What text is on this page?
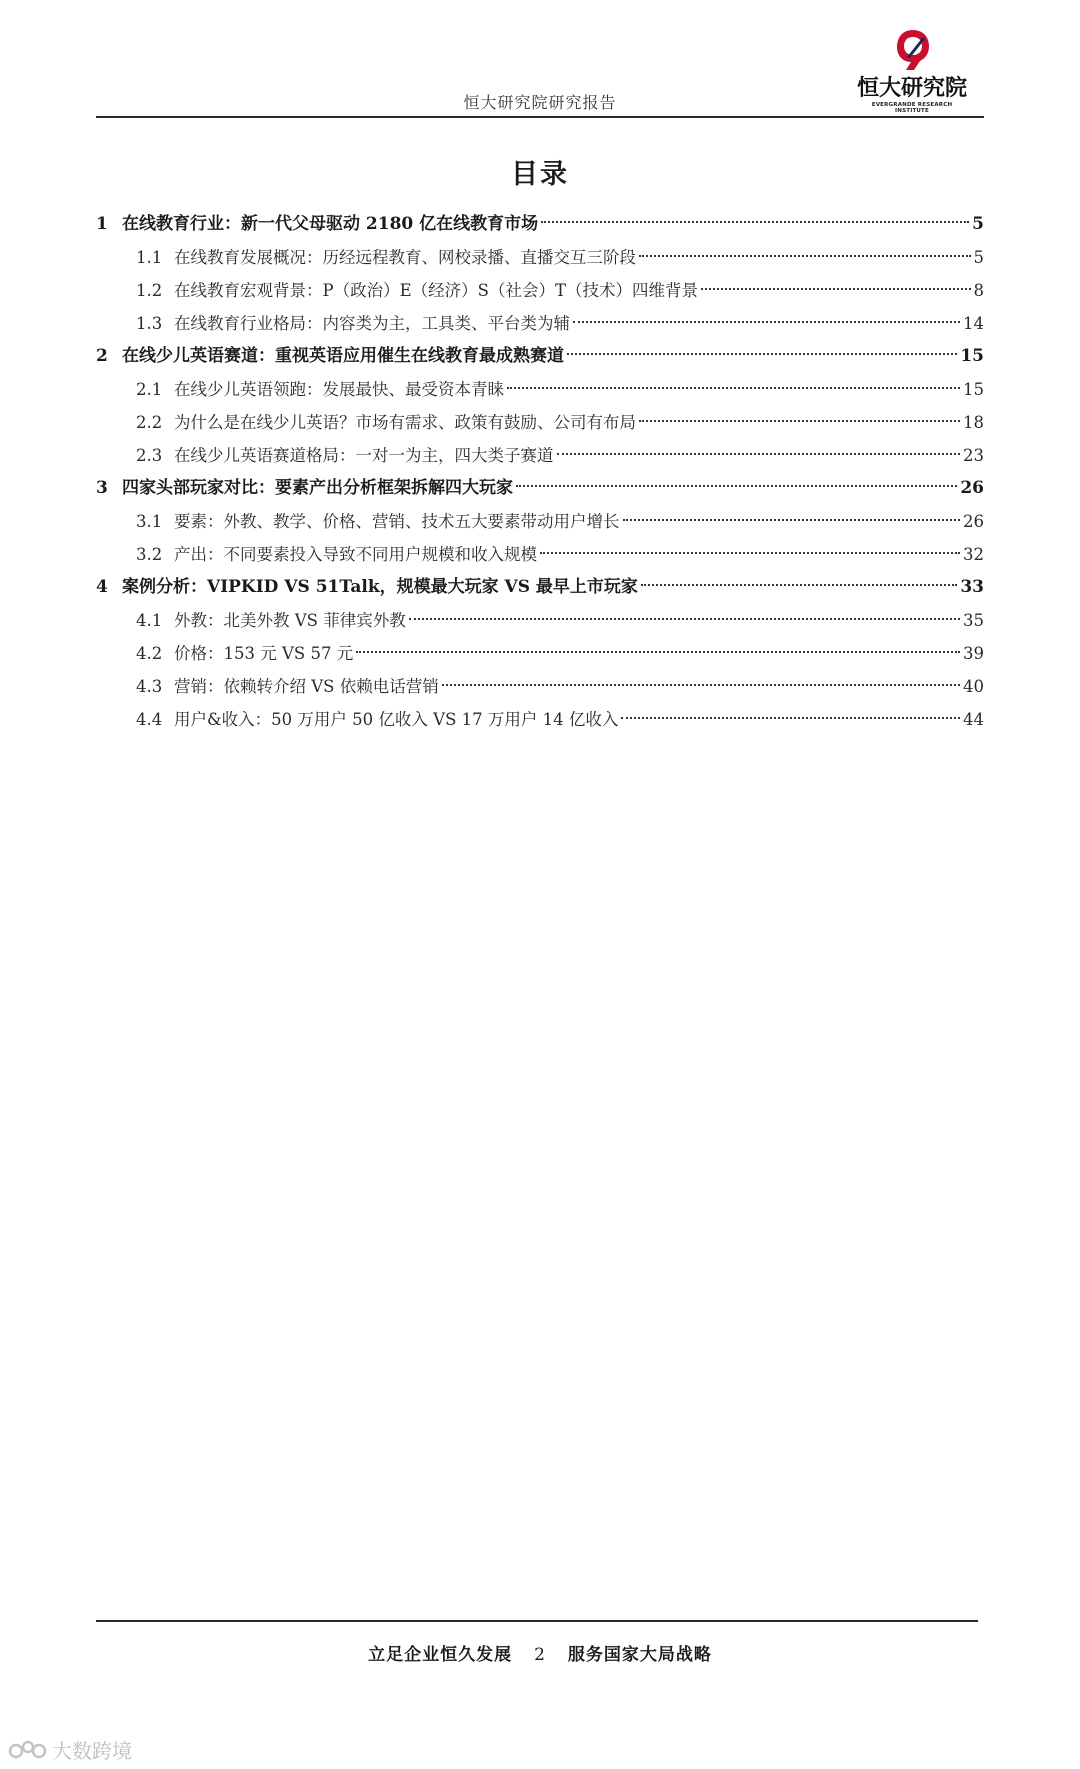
恒大研究院研究报告
恒大研究院
EVERGRANDE RESEARCH INSTITUTE
目录
1 在线教育行业：新一代父母驱动 2180 亿在线教育市场	5
1.1 在线教育发展概况：历经远程教育、网校录播、直播交互三阶段	5
1.2 在线教育宏观背景：P（政治）E（经济）S（社会）T（技术）四维背景	8
1.3 在线教育行业格局：内容类为主，工具类、平台类为辅	14
2 在线少儿英语赛道：重视英语应用催生在线教育最成熟赛道	15
2.1 在线少儿英语领跑：发展最快、最受资本青睐	15
2.2 为什么是在线少儿英语？市场有需求、政策有鼓励、公司有布局	18
2.3 在线少儿英语赛道格局：一对一为主，四大类子赛道	23
3 四家头部玩家对比：要素产出分析框架拆解四大玩家	26
3.1 要素：外教、教学、价格、营销、技术五大要素带动用户增长	26
3.2 产出：不同要素投入导致不同用户规模和收入规模	32
4 案例分析：VIPKID VS 51Talk，规模最大玩家 VS 最早上市玩家	33
4.1 外教：北美外教 VS 菲律宾外教	35
4.2 价格：153 元 VS 57 元	39
4.3 营销：依赖转介绍 VS 依赖电话营销	40
4.4 用户&收入：50 万用户 50 亿收入 VS 17 万用户 14 亿收入	44
立足企业恒久发展 2 服务国家大局战略
大数跨境
